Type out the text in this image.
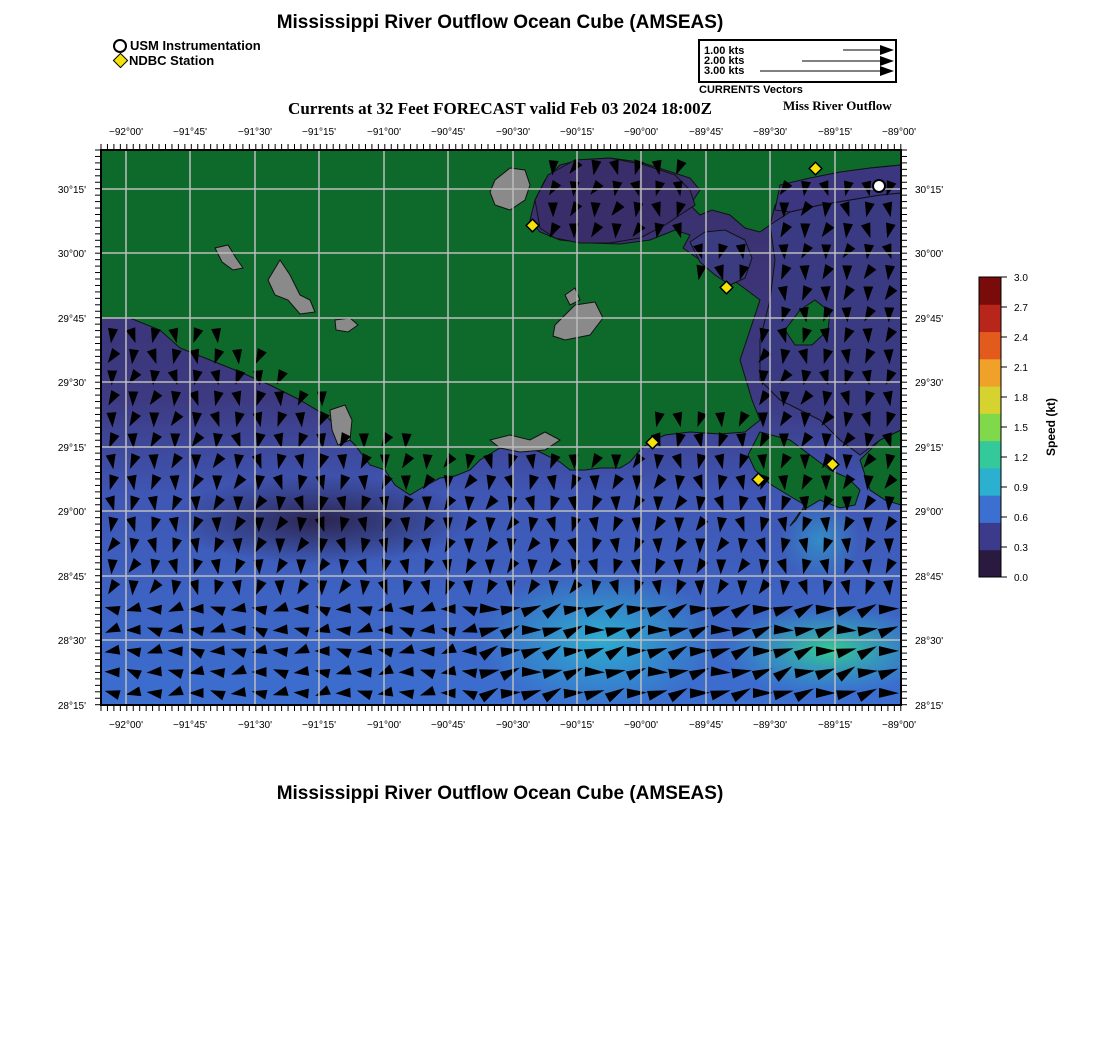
Mississippi River Outflow Ocean Cube (AMSEAS)
USM Instrumentation
NDBC Station
1.00 kts
2.00 kts
3.00 kts
CURRENTS Vectors
Currents at 32 Feet FORECAST valid Feb 03 2024 18:00Z	Miss River Outflow
−92°00'	−91°45'	−91°30'	−91°15'	−91°00'	−90°45'	−90°30'	−90°15'	−90°00'	−89°45'	−89°30'	−89°15'	−89°00'
−92°00'	−91°45'	−91°30'	−91°15'	−91°00'	−90°45'	−90°30'	−90°15'	−90°00'	−89°45'	−89°30'	−89°15'	−89°00'
30°15'
30°00'
29°45'
29°30'
29°15'
29°00'
28°45'
28°30'
28°15'
30°15'
30°00'
29°45'
29°30'
29°15'
29°00'
28°45'
28°30'
28°15'
3.0
2.7
2.4
2.1
1.8
1.5
1.2
0.9
0.6
0.3
0.0
Speed (kt)
Mississippi River Outflow Ocean Cube (AMSEAS)
